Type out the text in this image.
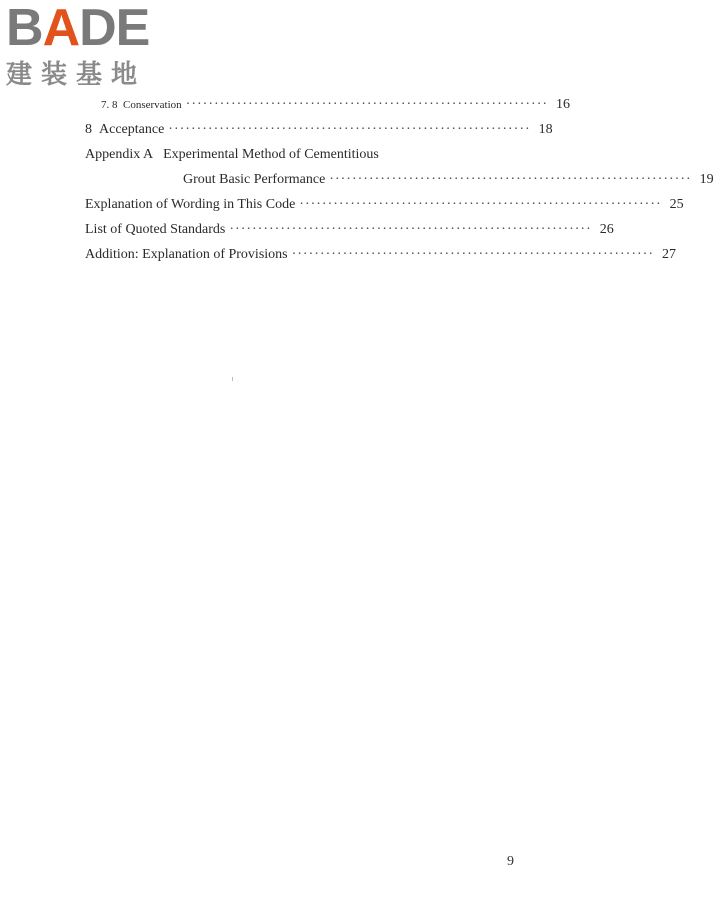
BADE
建装基地
7. 8 Conservation ································································ 16
8 Acceptance ································································ 18
Appendix A Experimental Method of Cementitious
Grout Basic Performance ································································ 19
Explanation of Wording in This Code ································································ 25
List of Quoted Standards ································································ 26
Addition: Explanation of Provisions ································································ 27
9
